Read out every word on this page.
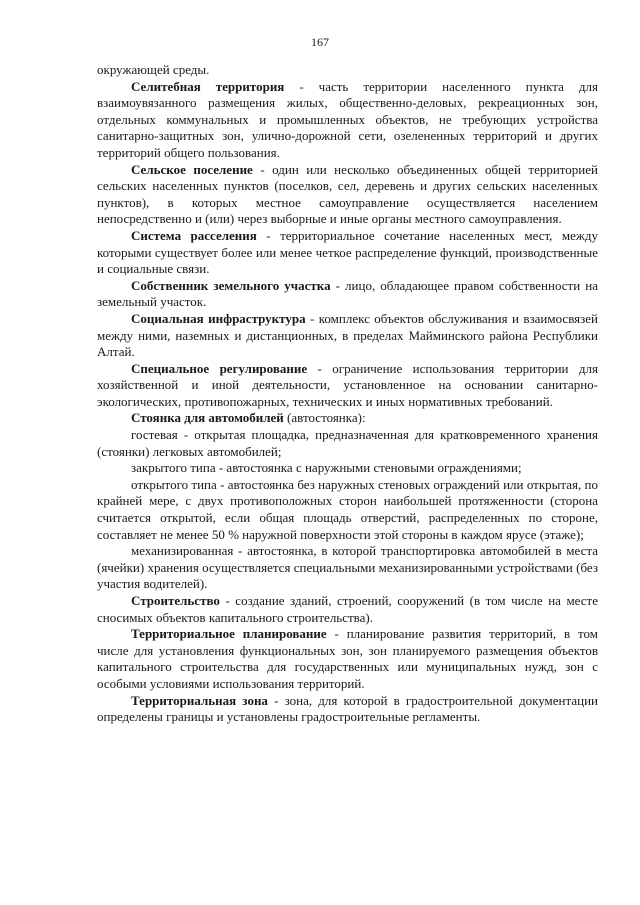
167

окружающей среды.

Селитебная территория - часть территории населенного пункта для взаимоувязанного размещения жилых, общественно-деловых, рекреационных зон, отдельных коммунальных и промышленных объектов, не требующих устройства санитарно-защитных зон, улично-дорожной сети, озелененных территорий и других территорий общего пользования.

Сельское поселение - один или несколько объединенных общей территорией сельских населенных пунктов (поселков, сел, деревень и других сельских населенных пунктов), в которых местное самоуправление осуществляется населением непосредственно и (или) через выборные и иные органы местного самоуправления.

Система расселения - территориальное сочетание населенных мест, между которыми существует более или менее четкое распределение функций, производственные и социальные связи.

Собственник земельного участка - лицо, обладающее правом собственности на земельный участок.

Социальная инфраструктура - комплекс объектов обслуживания и взаимосвязей между ними, наземных и дистанционных, в пределах Майминского района Республики Алтай.

Специальное регулирование - ограничение использования территории для хозяйственной и иной деятельности, установленное на основании санитарно-экологических, противопожарных, технических и иных нормативных требований.

Стоянка для автомобилей (автостоянка):

гостевая - открытая площадка, предназначенная для кратковременного хранения (стоянки) легковых автомобилей;

закрытого типа - автостоянка с наружными стеновыми ограждениями;

открытого типа - автостоянка без наружных стеновых ограждений или открытая, по крайней мере, с двух противоположных сторон наибольшей протяженности (сторона считается открытой, если общая площадь отверстий, распределенных по стороне, составляет не менее 50 % наружной поверхности этой стороны в каждом ярусе (этаже);

механизированная - автостоянка, в которой транспортировка автомобилей в места (ячейки) хранения осуществляется специальными механизированными устройствами (без участия водителей).

Строительство - создание зданий, строений, сооружений (в том числе на месте сносимых объектов капитального строительства).

Территориальное планирование - планирование развития территорий, в том числе для установления функциональных зон, зон планируемого размещения объектов капитального строительства для государственных или муниципальных нужд, зон с особыми условиями использования территорий.

Территориальная зона - зона, для которой в градостроительной документации определены границы и установлены градостроительные регламенты.
